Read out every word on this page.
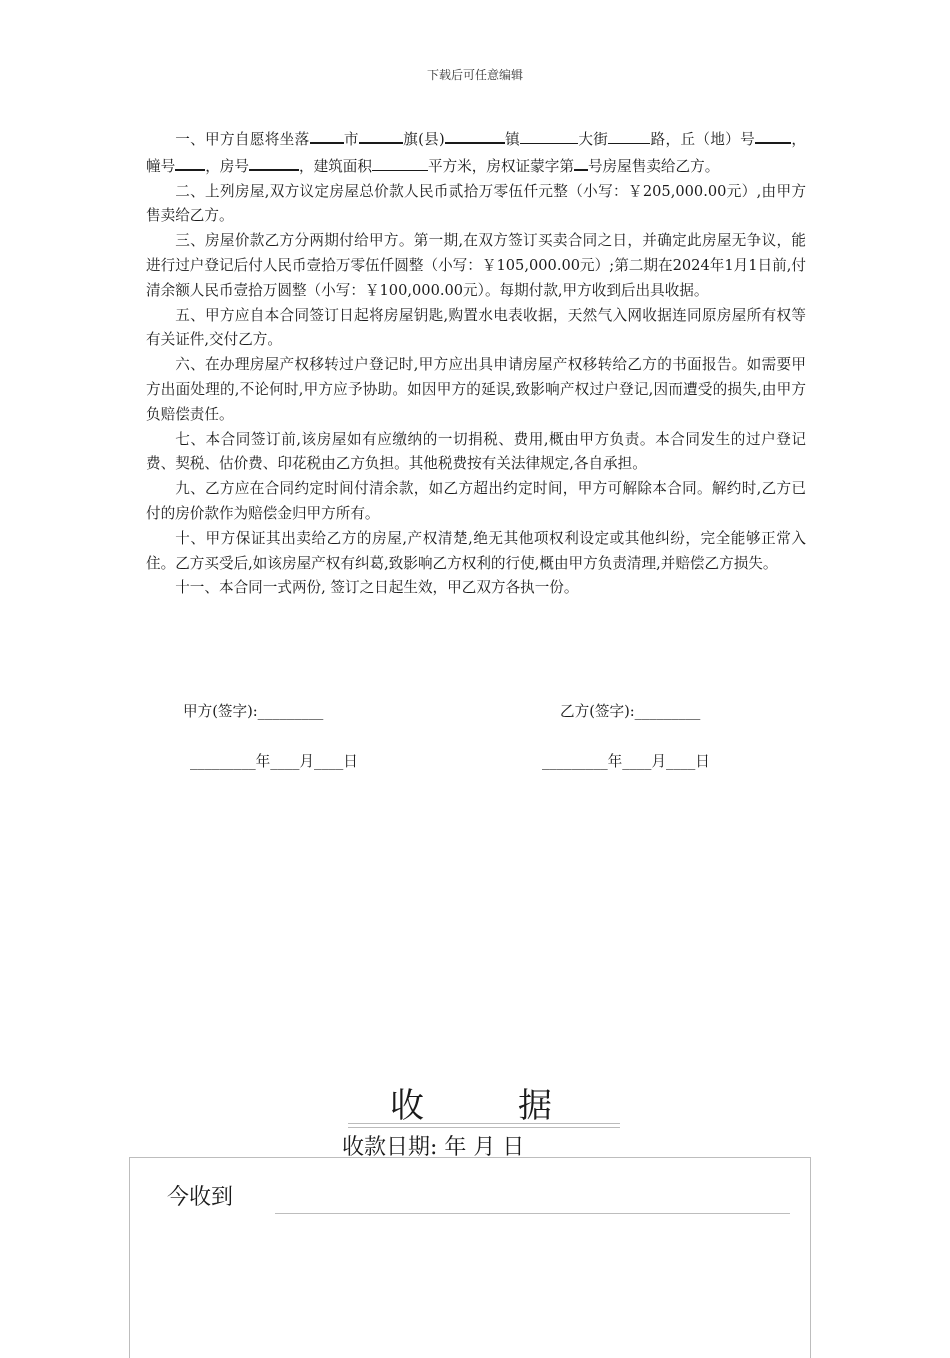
下载后可任意编辑

一、甲方自愿将坐落 市	旗(县)	镇	大街	路，丘（地）号 ，幢号 ，房号	，建筑面积	平方米，房权证蒙字第 号房屋售卖给乙方。

二、上列房屋,双方议定房屋总价款人民币贰拾万零伍仟元整（小写：￥205,000.00元）,由甲方售卖给乙方。

三、房屋价款乙方分两期付给甲方。第一期,在双方签订买卖合同之日，并确定此房屋无争议，能进行过户登记后付人民币壹拾万零伍仟圆整（小写：￥105,000.00元）;第二期在2024年1月1日前,付清余额人民币壹拾万圆整（小写：￥100,000.00元）。每期付款,甲方收到后出具收据。

五、甲方应自本合同签订日起将房屋钥匙,购置水电表收据，天然气入网收据连同原房屋所有权等有关证件,交付乙方。

六、在办理房屋产权移转过户登记时,甲方应出具申请房屋产权移转给乙方的书面报告。如需要甲方出面处理的,不论何时,甲方应予协助。如因甲方的延误,致影响产权过户登记,因而遭受的损失,由甲方负赔偿责任。

七、本合同签订前,该房屋如有应缴纳的一切捐税、费用,概由甲方负责。本合同发生的过户登记费、契税、估价费、印花税由乙方负担。其他税费按有关法律规定,各自承担。

九、乙方应在合同约定时间付清余款，如乙方超出约定时间，甲方可解除本合同。解约时,乙方已付的房价款作为赔偿金归甲方所有。

十、甲方保证其出卖给乙方的房屋,产权清楚,绝无其他项权利设定或其他纠纷，完全能够正常入住。乙方买受后,如该房屋产权有纠葛,致影响乙方权利的行使,概由甲方负责清理,并赔偿乙方损失。

十一、本合同一式两份, 签订之日起生效，甲乙双方各执一份。

甲方(签字):_________	乙方(签字):_________
_________年____月____日	_________年____月____日
收	据
收款日期: 年 月 日
今收到
